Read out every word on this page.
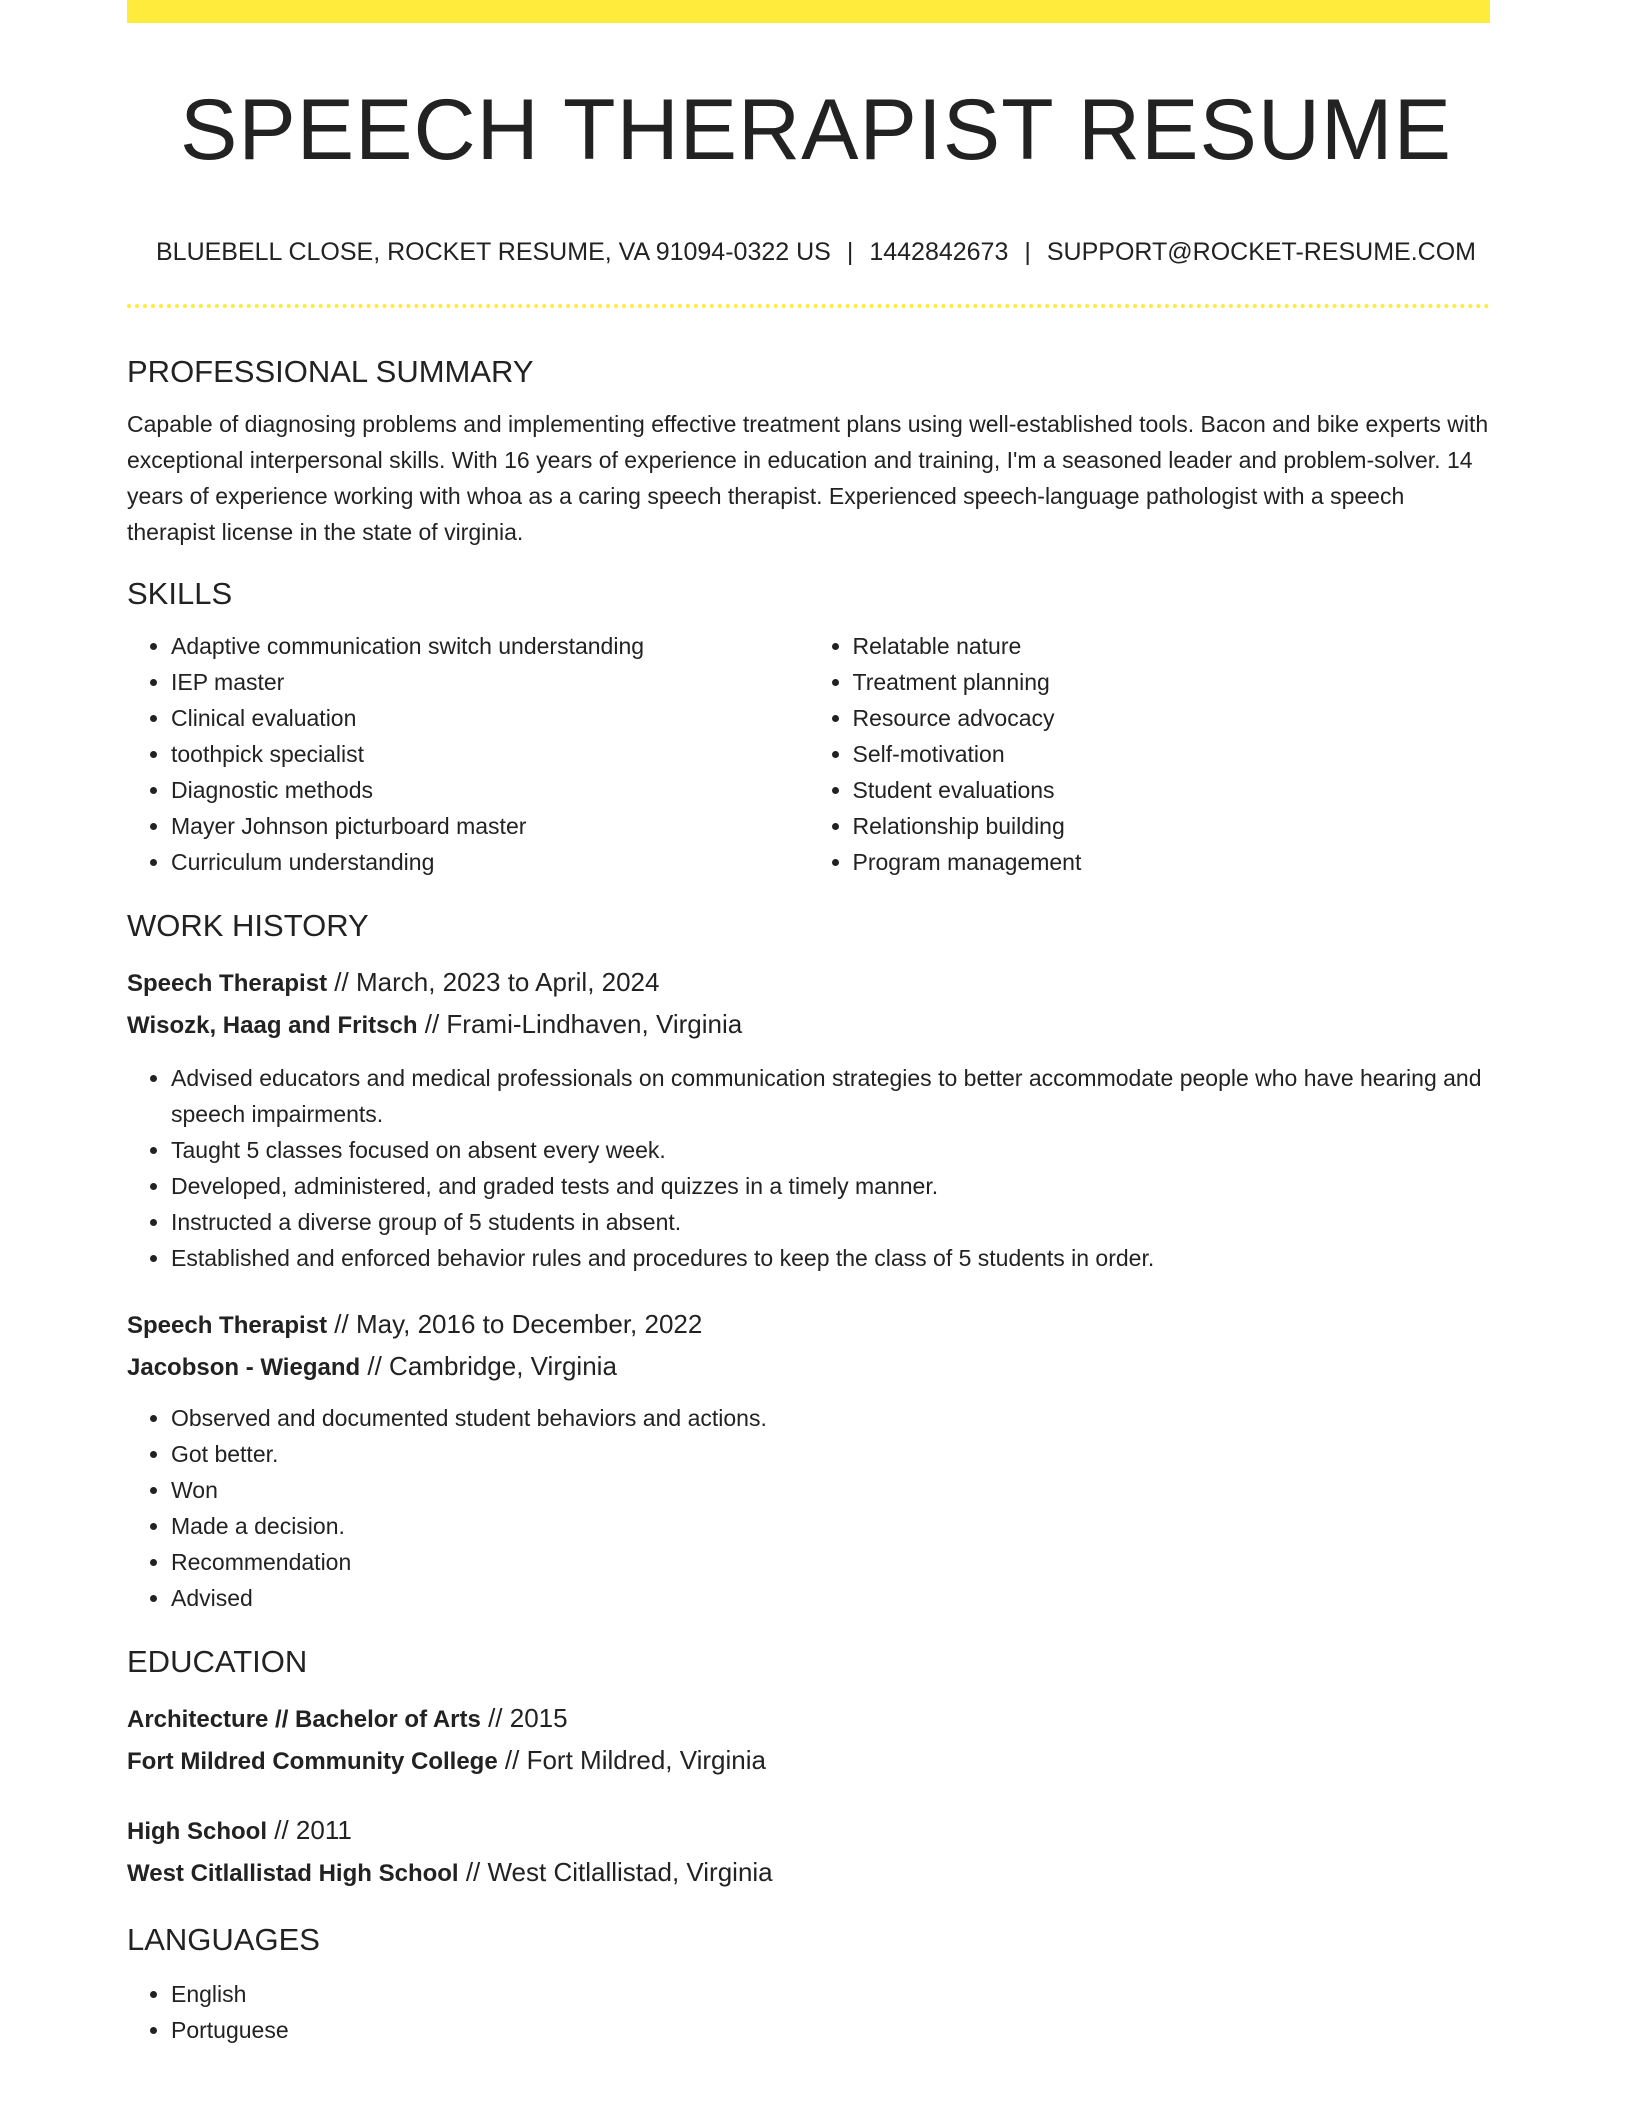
SPEECH THERAPIST RESUME
BLUEBELL CLOSE, ROCKET RESUME, VA 91094-0322 US | 1442842673 | SUPPORT@ROCKET-RESUME.COM
PROFESSIONAL SUMMARY

Capable of diagnosing problems and implementing effective treatment plans using well-established tools. Bacon and bike experts with exceptional interpersonal skills. With 16 years of experience in education and training, I'm a seasoned leader and problem-solver. 14 years of experience working with whoa as a caring speech therapist. Experienced speech-language pathologist with a speech therapist license in the state of virginia.

SKILLS
• Adaptive communication switch understanding
• IEP master
• Clinical evaluation
• toothpick specialist
• Diagnostic methods
• Mayer Johnson picturboard master
• Curriculum understanding
• Relatable nature
• Treatment planning
• Resource advocacy
• Self-motivation
• Student evaluations
• Relationship building
• Program management
WORK HISTORY
Speech Therapist // March, 2023 to April, 2024
Wisozk, Haag and Fritsch // Frami-Lindhaven, Virginia
• Advised educators and medical professionals on communication strategies to better accommodate people who have hearing and speech impairments.
• Taught 5 classes focused on absent every week.
• Developed, administered, and graded tests and quizzes in a timely manner.
• Instructed a diverse group of 5 students in absent.
• Established and enforced behavior rules and procedures to keep the class of 5 students in order.
Speech Therapist // May, 2016 to December, 2022
Jacobson - Wiegand // Cambridge, Virginia
• Observed and documented student behaviors and actions.
• Got better.
• Won
• Made a decision.
• Recommendation
• Advised
EDUCATION
Architecture // Bachelor of Arts // 2015
Fort Mildred Community College // Fort Mildred, Virginia
High School // 2011
West Citlallistad High School // West Citlallistad, Virginia
LANGUAGES
• English
• Portuguese
